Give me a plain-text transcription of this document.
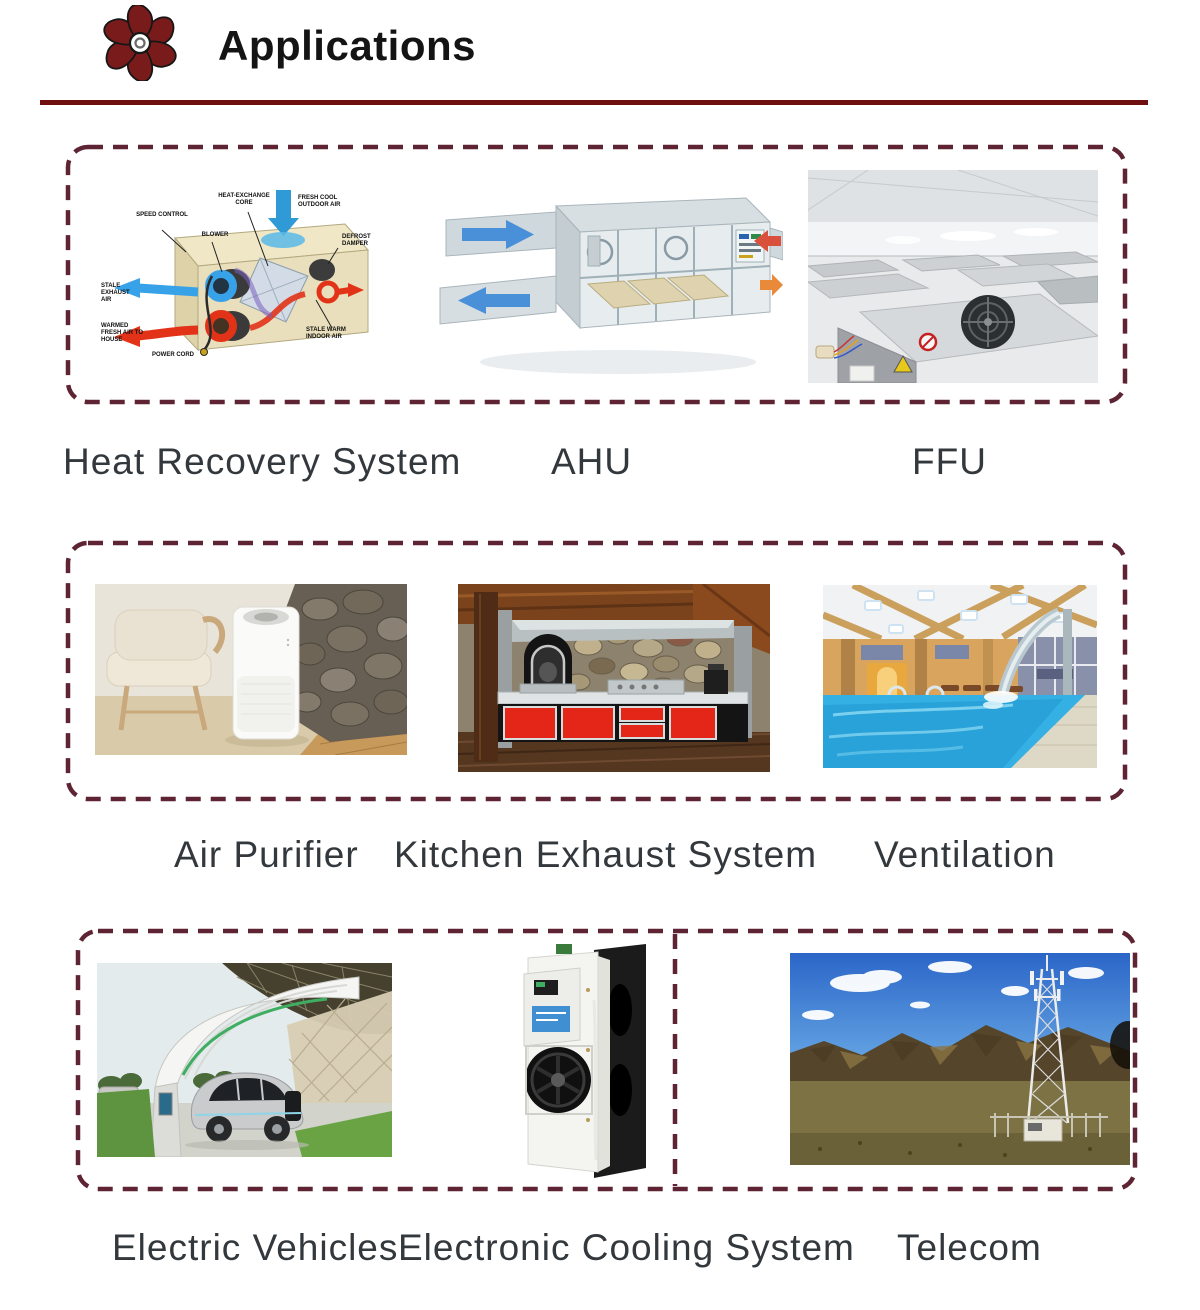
Applications
SPEED CONTROL
BLOWER
HEAT-EXCHANGE CORE
FRESH COOL OUTDOOR AIR
DEFROST DAMPER
STALE EXHAUST AIR
WARMED FRESH AIR TO HOUSE
POWER CORD
STALE WARM INDOOR AIR
Heat Recovery System AHU	FFU
Air Purifier Kitchen Exhaust System Ventilation
Electric Vehicles Electronic Cooling System Telecom
